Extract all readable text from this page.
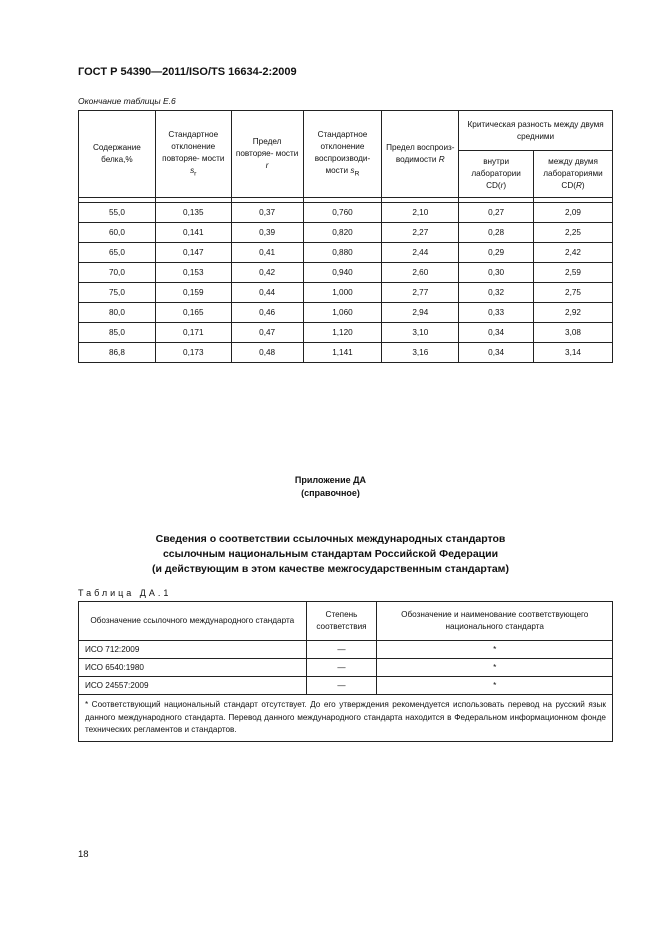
ГОСТ Р 54390—2011/ISO/TS 16634-2:2009
Окончание таблицы Е.6
Содержание белка,%	Стандартное отклонение повторяе- мости $s_r$	Предел повторяе- мости r	Стандартное отклонение воспроизводи- мости $s_R$	Предел воспроиз- водимости R	Критическая разность между двумя средними	
					внутри лаборатории CD(r)	между двумя лабораториями CD(R)

55,0	0,135	0,37	0,760	2,10	0,27	2,09
60,0	0,141	0,39	0,820	2,27	0,28	2,25
65,0	0,147	0,41	0,880	2,44	0,29	2,42
70,0	0,153	0,42	0,940	2,60	0,30	2,59
75,0	0,159	0,44	1,000	2,77	0,32	2,75
80,0	0,165	0,46	1,060	2,94	0,33	2,92
85,0	0,171	0,47	1,120	3,10	0,34	3,08
86,8	0,173	0,48	1,141	3,16	0,34	3,14
Приложение ДА
(справочное)
Сведения о соответствии ссылочных международных стандартов
ссылочным национальным стандартам Российской Федерации
(и действующим в этом качестве межгосударственным стандартам)
Таблица ДА.1
Обозначение ссылочного международного стандарта	Степень соответствия	Обозначение и наименование соответствующего национального стандарта
ИСО 712:2009	—	*
ИСО 6540:1980	—	*
ИСО 24557:2009	—	*
* Соответствующий национальный стандарт отсутствует. До его утверждения рекомендуется использовать перевод на русский язык данного международного стандарта. Перевод данного международного стандарта находится в Федеральном информационном фонде технических регламентов и стандартов.		
18
